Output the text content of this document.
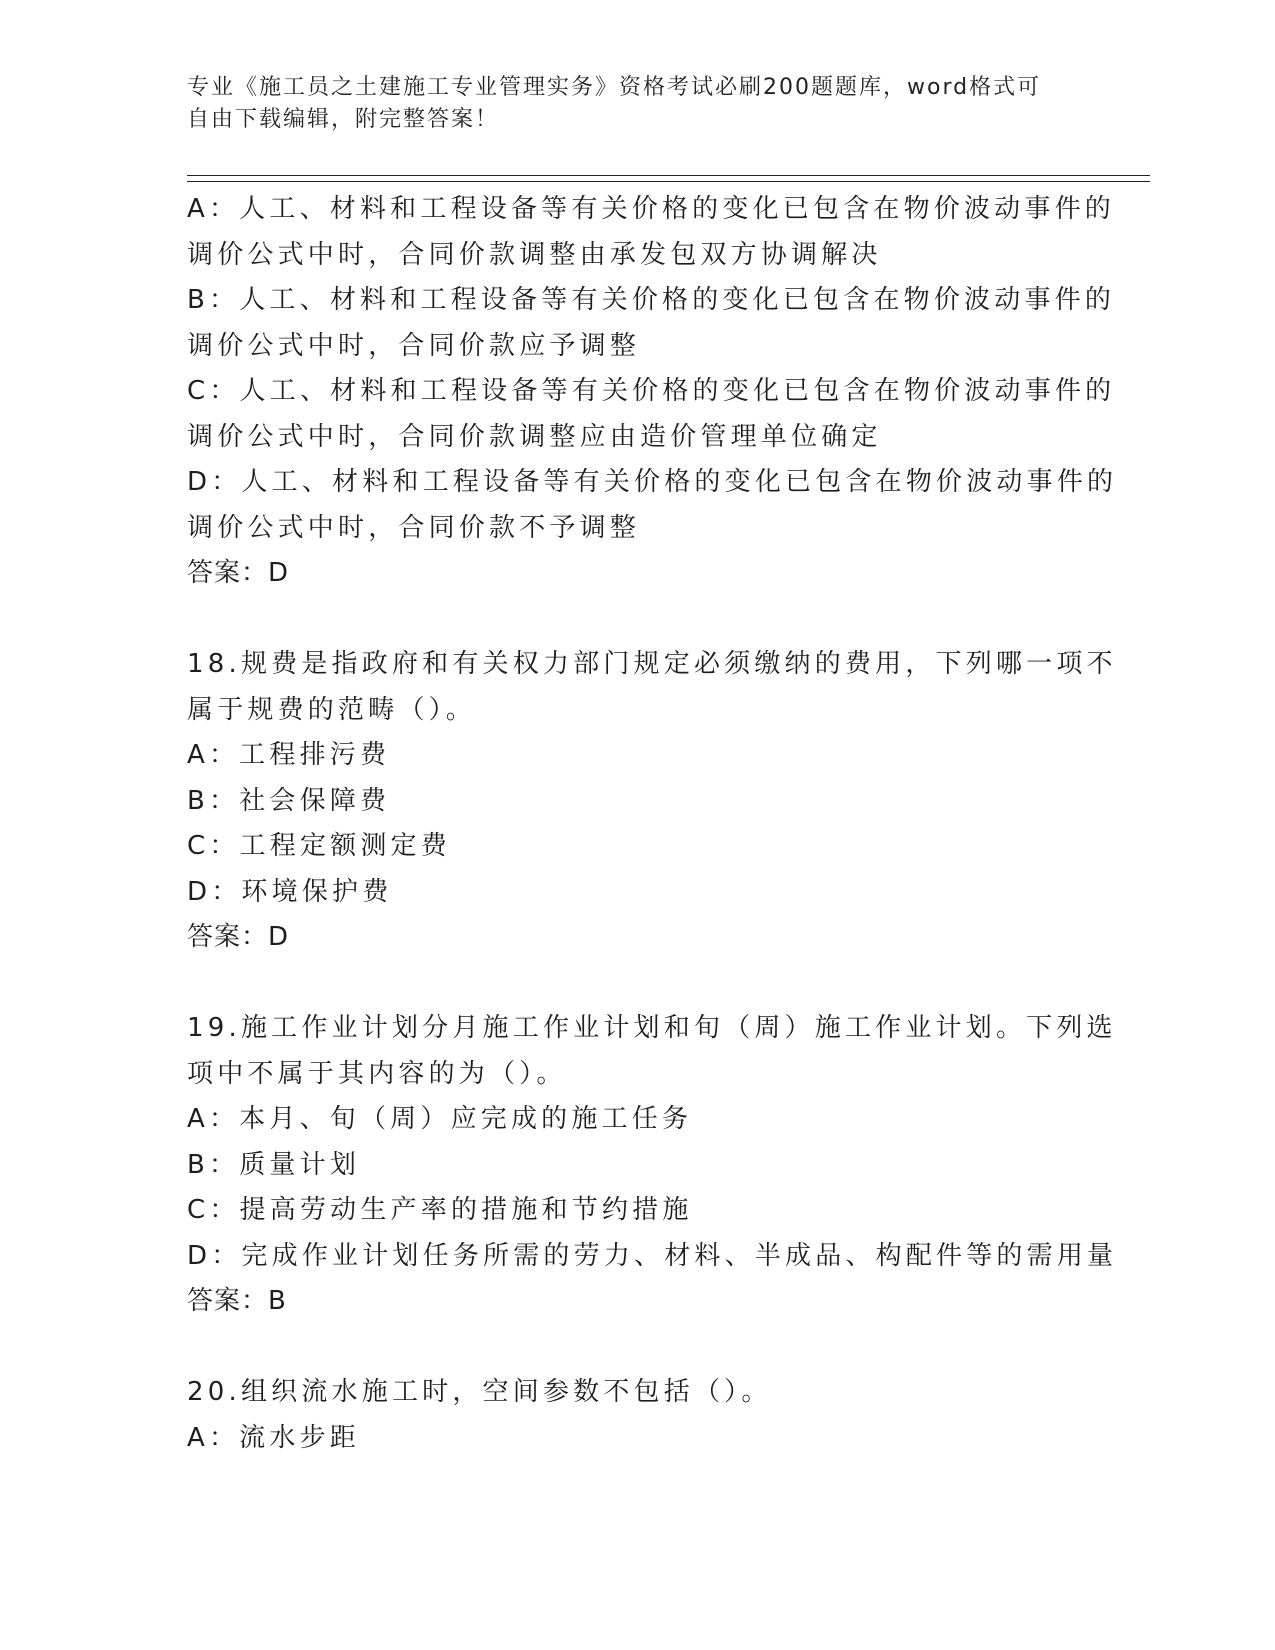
专业《施工员之土建施工专业管理实务》资格考试必刷200题题库，word格式可
自由下载编辑，附完整答案！
A：人工、材料和工程设备等有关价格的变化已包含在物价波动事件的
调价公式中时，合同价款调整由承发包双方协调解决
B：人工、材料和工程设备等有关价格的变化已包含在物价波动事件的
调价公式中时，合同价款应予调整
C：人工、材料和工程设备等有关价格的变化已包含在物价波动事件的
调价公式中时，合同价款调整应由造价管理单位确定
D：人工、材料和工程设备等有关价格的变化已包含在物价波动事件的
调价公式中时，合同价款不予调整
答案：D
18.规费是指政府和有关权力部门规定必须缴纳的费用，下列哪一项不
属于规费的范畴（）。
A：工程排污费
B：社会保障费
C：工程定额测定费
D：环境保护费
答案：D
19.施工作业计划分月施工作业计划和旬（周）施工作业计划。下列选
项中不属于其内容的为（）。
A：本月、旬（周）应完成的施工任务
B：质量计划
C：提高劳动生产率的措施和节约措施
D：完成作业计划任务所需的劳力、材料、半成品、构配件等的需用量
答案：B
20.组织流水施工时，空间参数不包括（）。
A：流水步距
